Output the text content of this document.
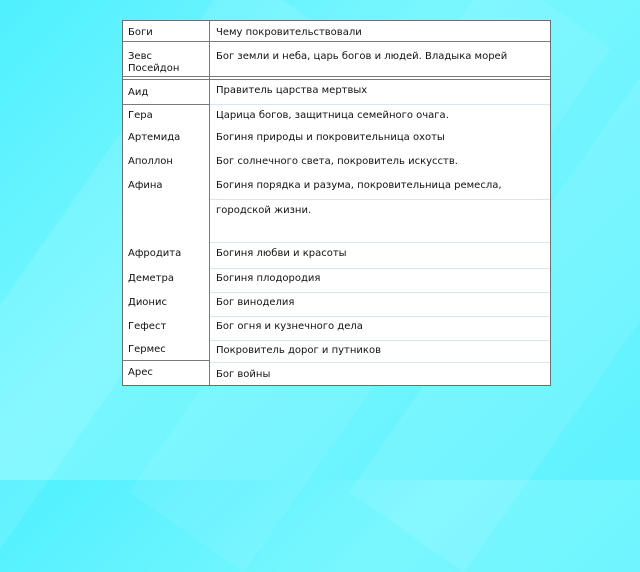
Боги	Чему покровительствовали
Зевс	Бог земли и неба, царь богов и людей. Владыка морей
Посейдон
Аид	Правитель царства мертвых
Гера	Царица богов, защитница семейного очага.
Артемида	Богиня природы и покровительница охоты
Аполлон	Бог солнечного света, покровитель искусств.
Афина	Богиня порядка и разума, покровительница ремесла,
городской жизни.
Афродита	Богиня любви и красоты
Деметра	Богиня плодородия
Дионис	Бог виноделия
Гефест	Бог огня и кузнечного дела
Гермес	Покровитель дорог и путников
Арес	Бог войны
